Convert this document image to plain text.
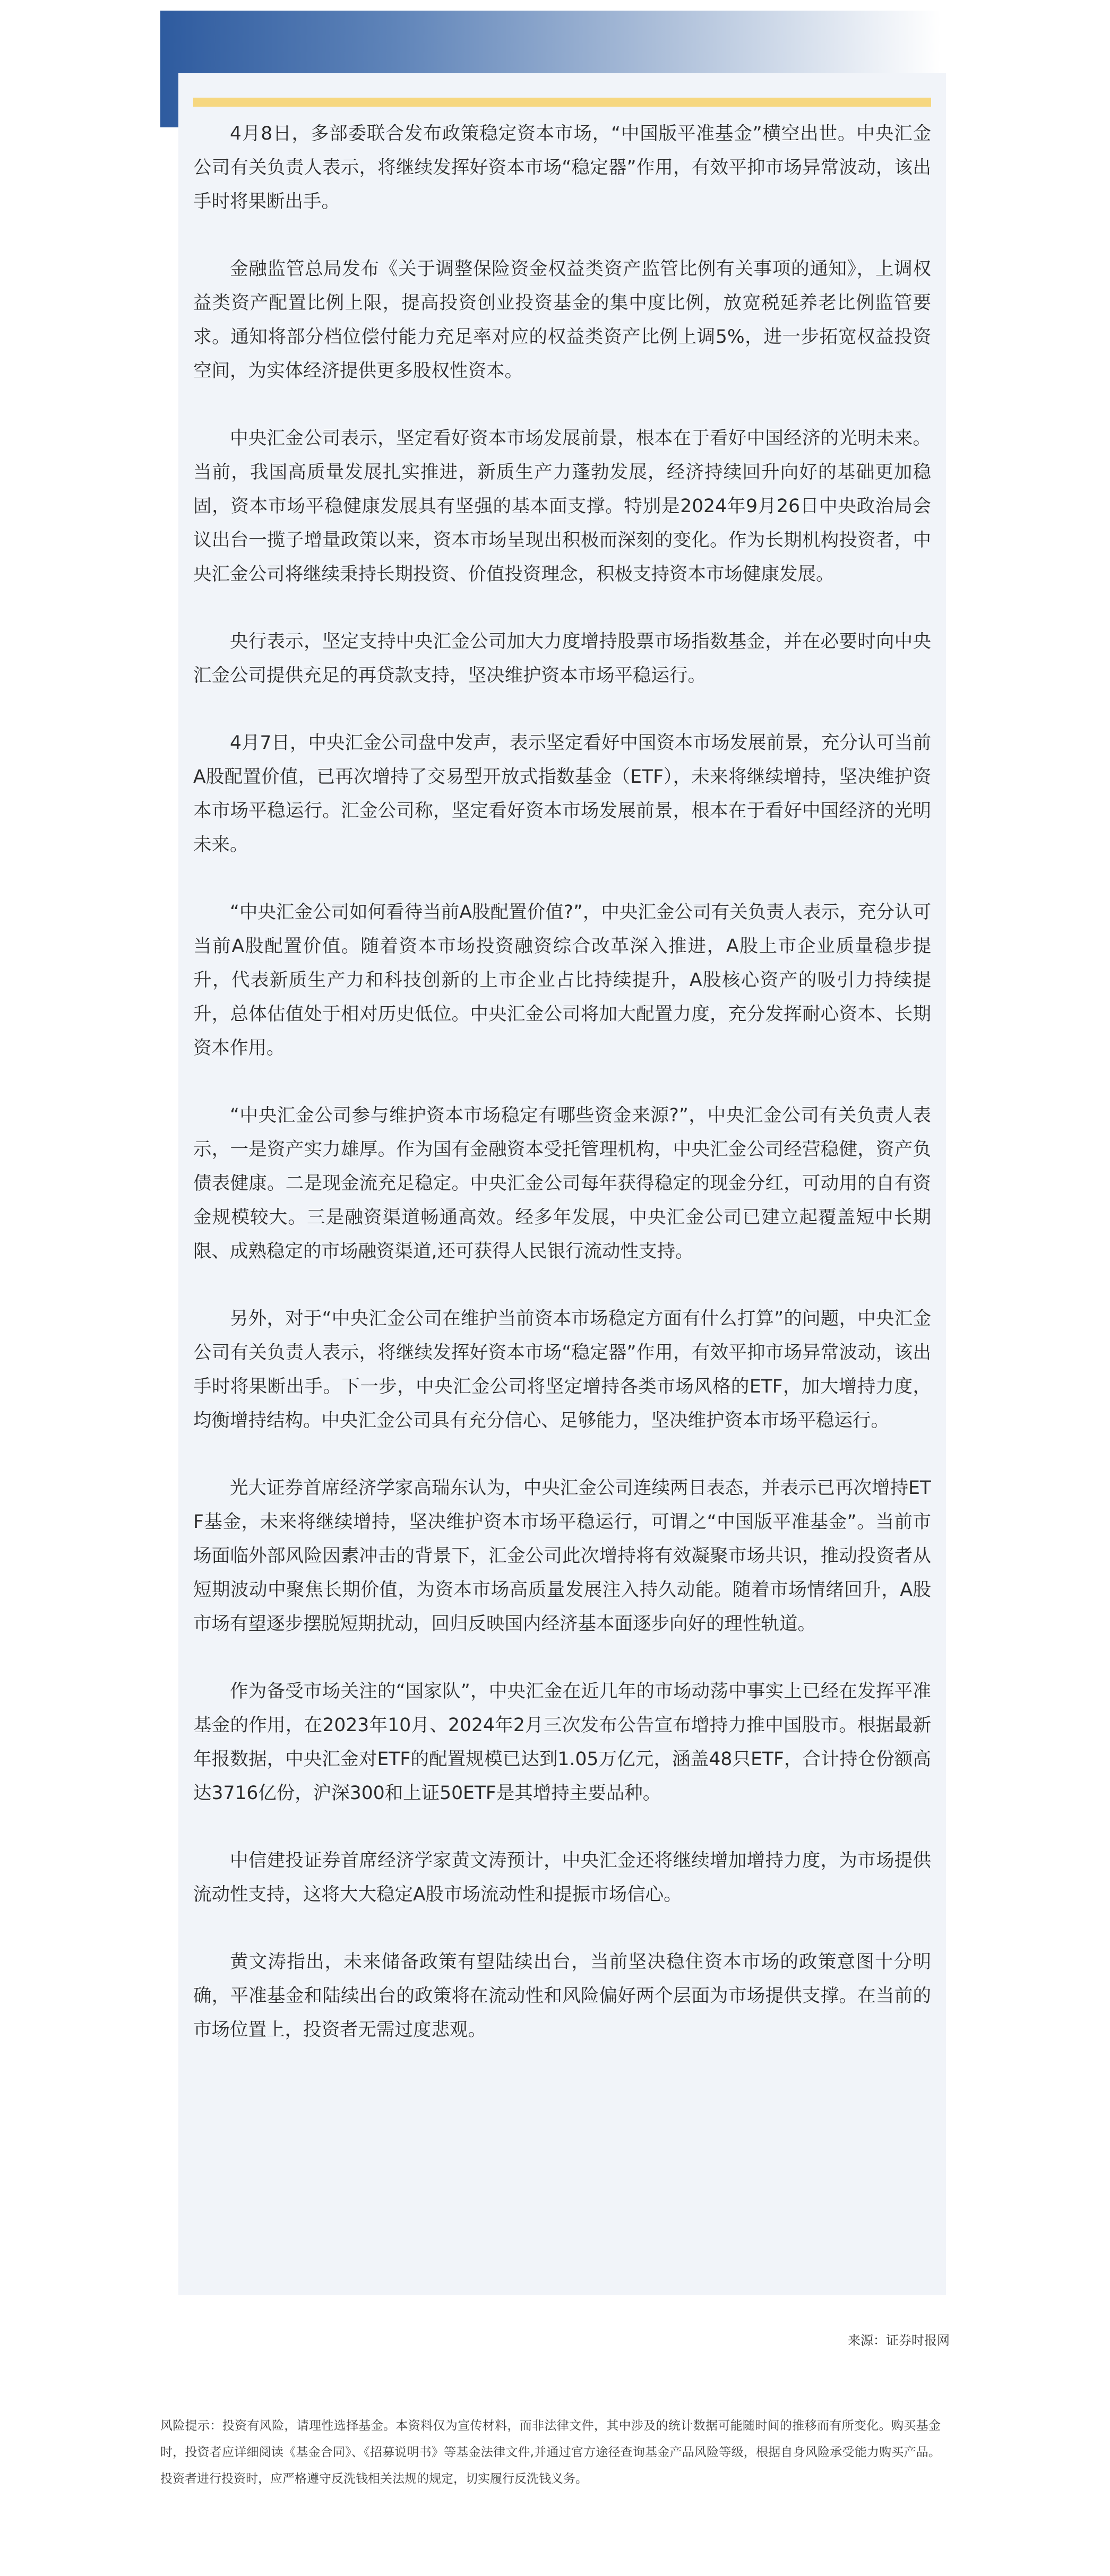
4月8日，多部委联合发布政策稳定资本市场，“中国版平准基金”横空出世。中央汇金公司有关负责人表示，将继续发挥好资本市场“稳定器”作用，有效平抑市场异常波动，该出手时将果断出手。

金融监管总局发布《关于调整保险资金权益类资产监管比例有关事项的通知》，上调权益类资产配置比例上限，提高投资创业投资基金的集中度比例，放宽税延养老比例监管要求。通知将部分档位偿付能力充足率对应的权益类资产比例上调5%，进一步拓宽权益投资空间，为实体经济提供更多股权性资本。

中央汇金公司表示，坚定看好资本市场发展前景，根本在于看好中国经济的光明未来。当前，我国高质量发展扎实推进，新质生产力蓬勃发展，经济持续回升向好的基础更加稳固，资本市场平稳健康发展具有坚强的基本面支撑。特别是2024年9月26日中央政治局会议出台一揽子增量政策以来，资本市场呈现出积极而深刻的变化。作为长期机构投资者，中央汇金公司将继续秉持长期投资、价值投资理念，积极支持资本市场健康发展。

央行表示，坚定支持中央汇金公司加大力度增持股票市场指数基金，并在必要时向中央汇金公司提供充足的再贷款支持，坚决维护资本市场平稳运行。

4月7日，中央汇金公司盘中发声，表示坚定看好中国资本市场发展前景，充分认可当前A股配置价值，已再次增持了交易型开放式指数基金（ETF），未来将继续增持，坚决维护资本市场平稳运行。汇金公司称，坚定看好资本市场发展前景，根本在于看好中国经济的光明未来。

“中央汇金公司如何看待当前A股配置价值?”，中央汇金公司有关负责人表示，充分认可当前A股配置价值。随着资本市场投资融资综合改革深入推进，A股上市企业质量稳步提升，代表新质生产力和科技创新的上市企业占比持续提升，A股核心资产的吸引力持续提升，总体估值处于相对历史低位。中央汇金公司将加大配置力度，充分发挥耐心资本、长期资本作用。

“中央汇金公司参与维护资本市场稳定有哪些资金来源?”，中央汇金公司有关负责人表示，一是资产实力雄厚。作为国有金融资本受托管理机构，中央汇金公司经营稳健，资产负债表健康。二是现金流充足稳定。中央汇金公司每年获得稳定的现金分红，可动用的自有资金规模较大。三是融资渠道畅通高效。经多年发展，中央汇金公司已建立起覆盖短中长期限、成熟稳定的市场融资渠道,还可获得人民银行流动性支持。

另外，对于“中央汇金公司在维护当前资本市场稳定方面有什么打算”的问题，中央汇金公司有关负责人表示，将继续发挥好资本市场“稳定器”作用，有效平抑市场异常波动，该出手时将果断出手。下一步，中央汇金公司将坚定增持各类市场风格的ETF，加大增持力度，均衡增持结构。中央汇金公司具有充分信心、足够能力，坚决维护资本市场平稳运行。

光大证券首席经济学家高瑞东认为，中央汇金公司连续两日表态，并表示已再次增持ETF基金，未来将继续增持，坚决维护资本市场平稳运行，可谓之“中国版平准基金”。当前市场面临外部风险因素冲击的背景下，汇金公司此次增持将有效凝聚市场共识，推动投资者从短期波动中聚焦长期价值，为资本市场高质量发展注入持久动能。随着市场情绪回升，A股市场有望逐步摆脱短期扰动，回归反映国内经济基本面逐步向好的理性轨道。

作为备受市场关注的“国家队”，中央汇金在近几年的市场动荡中事实上已经在发挥平准基金的作用，在2023年10月、2024年2月三次发布公告宣布增持力推中国股市。根据最新年报数据，中央汇金对ETF的配置规模已达到1.05万亿元，涵盖48只ETF，合计持仓份额高达3716亿份，沪深300和上证50ETF是其增持主要品种。

中信建投证券首席经济学家黄文涛预计，中央汇金还将继续增加增持力度，为市场提供流动性支持，这将大大稳定A股市场流动性和提振市场信心。

黄文涛指出，未来储备政策有望陆续出台，当前坚决稳住资本市场的政策意图十分明确，平准基金和陆续出台的政策将在流动性和风险偏好两个层面为市场提供支撑。在当前的市场位置上，投资者无需过度悲观。

来源：证券时报网
风险提示：投资有风险，请理性选择基金。本资料仅为宣传材料，而非法律文件，其中涉及的统计数据可能随时间的推移而有所变化。购买基金时，投资者应详细阅读《基金合同》、《招募说明书》等基金法律文件,并通过官方途径查询基金产品风险等级，根据自身风险承受能力购买产品。投资者进行投资时，应严格遵守反洗钱相关法规的规定，切实履行反洗钱义务。
